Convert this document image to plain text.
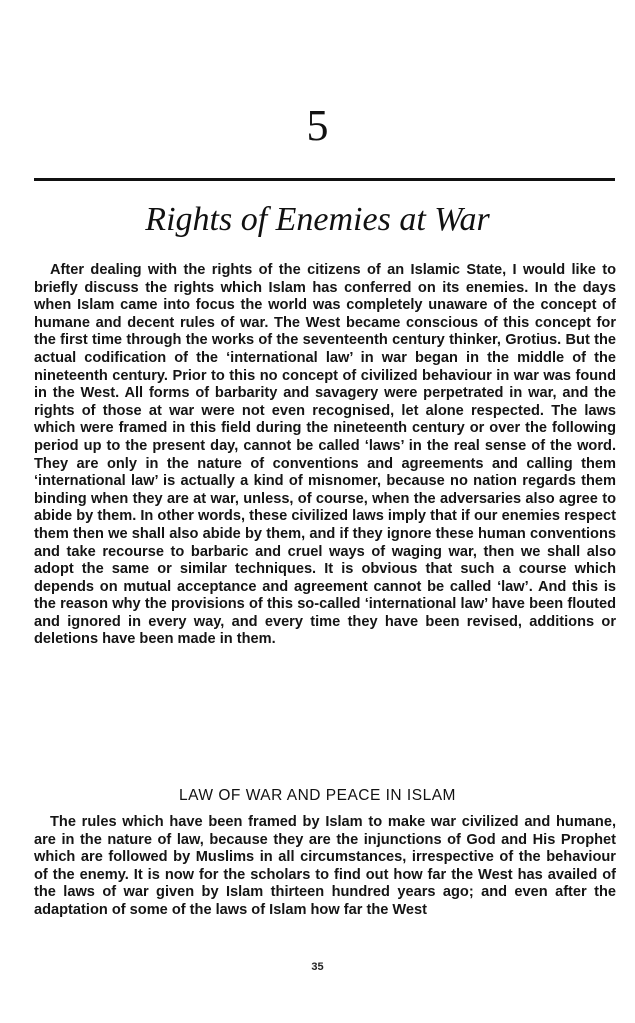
5
Rights of Enemies at War

After dealing with the rights of the citizens of an Islamic State, I would like to briefly discuss the rights which Islam has conferred on its enemies. In the days when Islam came into focus the world was completely unaware of the concept of humane and decent rules of war. The West became conscious of this concept for the first time through the works of the seventeenth century thinker, Grotius. But the actual codification of the ‘international law’ in war began in the middle of the nineteenth century. Prior to this no concept of civilized behaviour in war was found in the West. All forms of barbarity and savagery were perpetrated in war, and the rights of those at war were not even recognised, let alone respected. The laws which were framed in this field during the nineteenth century or over the following period up to the present day, cannot be called ‘laws’ in the real sense of the word. They are only in the nature of conventions and agreements and calling them ‘international law’ is actually a kind of misnomer, because no nation regards them binding when they are at war, unless, of course, when the adversaries also agree to abide by them. In other words, these civilized laws imply that if our enemies respect them then we shall also abide by them, and if they ignore these human conventions and take recourse to barbaric and cruel ways of waging war, then we shall also adopt the same or similar techniques. It is obvious that such a course which depends on mutual acceptance and agreement cannot be called ‘law’. And this is the reason why the provisions of this so-called ‘international law’ have been flouted and ignored in every way, and every time they have been revised, additions or deletions have been made in them.

LAW OF WAR AND PEACE IN ISLAM

The rules which have been framed by Islam to make war civilized and humane, are in the nature of law, because they are the injunctions of God and His Prophet which are followed by Muslims in all circumstances, irrespective of the behaviour of the enemy. It is now for the scholars to find out how far the West has availed of the laws of war given by Islam thirteen hundred years ago; and even after the adaptation of some of the laws of Islam how far the West

35
